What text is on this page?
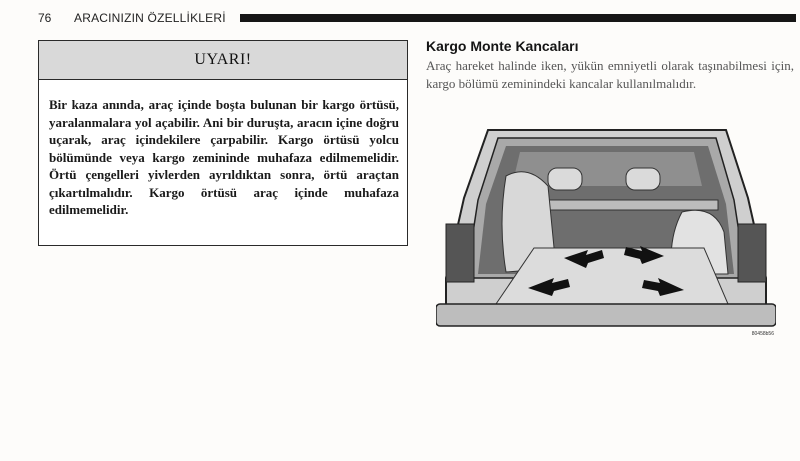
76 ARACINIZIN ÖZELLİKLERİ
UYARI!
Bir kaza anında, araç içinde boşta bulunan bir kargo örtüsü, yaralanmalara yol açabilir. Ani bir duruşta, aracın içine doğru uçarak, araç içindekilere çarpabilir. Kargo örtüsü yolcu bölümünde veya kargo zemininde muhafaza edilmemelidir. Örtü çengelleri yivlerden ayrıldıktan sonra, örtü araçtan çıkartılmalıdır. Kargo örtüsü araç içinde muhafaza edilmemelidir.
Kargo Monte Kancaları
Araç hareket halinde iken, yükün emniyetli olarak taşınabilmesi için, kargo bölümü zeminindeki kancalar kullanılmalıdır.
80458b56
